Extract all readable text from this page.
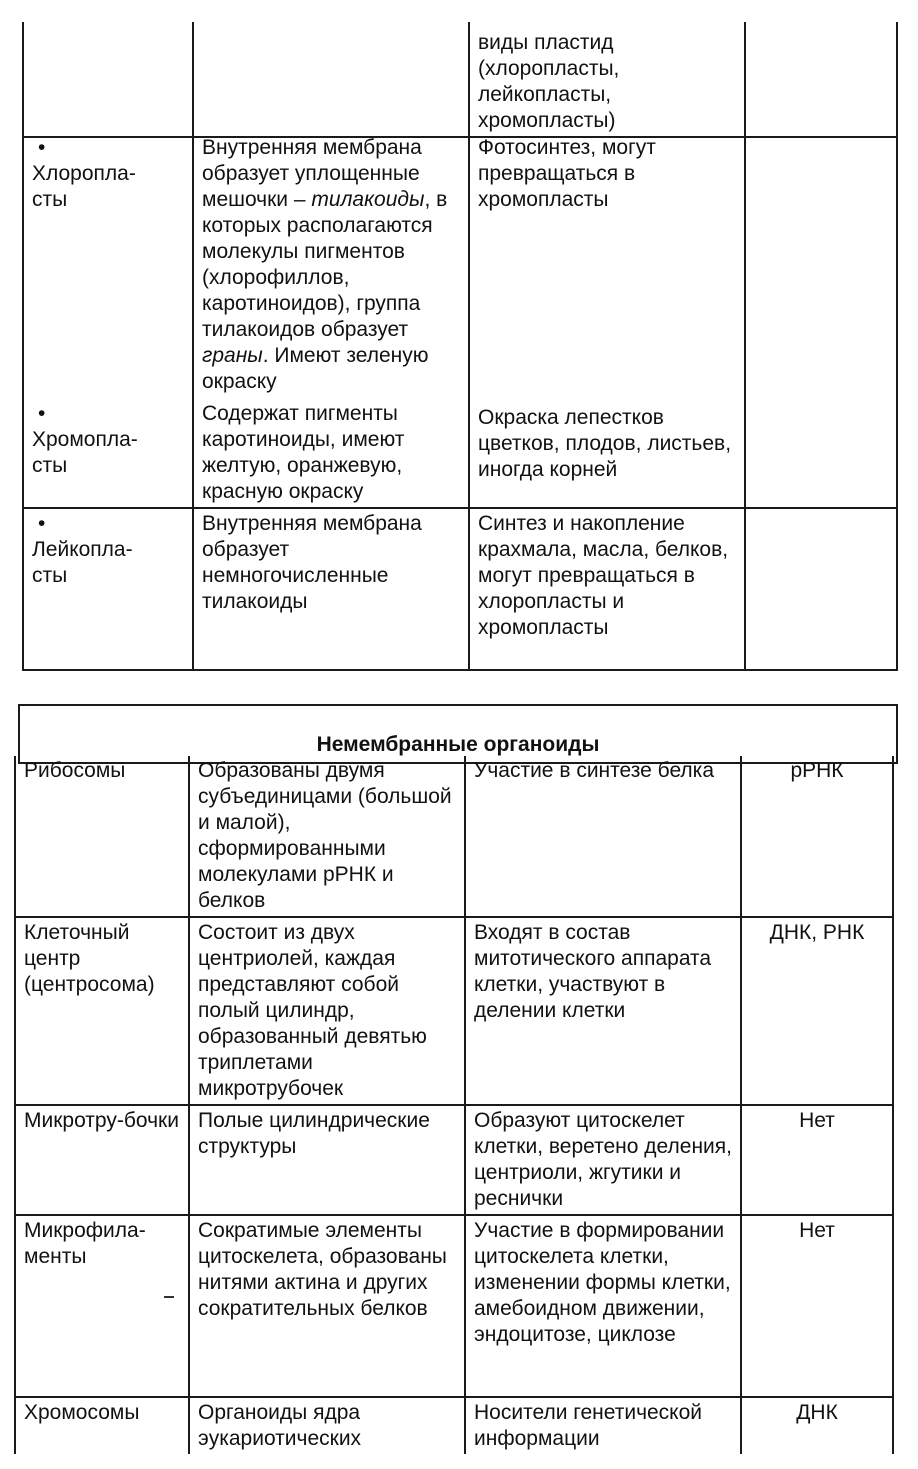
		виды пластид (хлоропласты, лейкопласты, хромопласты)	
•Хлоропла-
сты	Внутренняя мембрана образует уплощенные мешочки – тилакоиды, в которых располагаются молекулы пигментов (хлорофиллов, каротиноидов), группа тилакоидов образует граны. Имеют зеленую окраску	Фотосинтез, могут превращаться в хромопласты	
•Хромопла-
сты	Содержат пигменты каротиноиды, имеют желтую, оранжевую, красную окраску	Окраска лепестков цветков, плодов, листьев, иногда корней	
•Лейкопла-
сты	Внутренняя мембрана образует немногочисленные тилакоиды	Синтез и накопление крахмала, масла, белков, могут превращаться в хлоропласты и хромопласты	
Немембранные органоиды
Рибосомы	Образованы двумя субъединицами (большой и малой), сформированными молекулами рРНК и белков	Участие в синтезе белка	рРНК
Клеточный центр (центросома)	Состоит из двух центриолей, каждая представляют собой полый цилиндр, образованный девятью триплетами микротрубочек	Входят в состав митотического аппарата клетки, участвуют в делении клетки	ДНК, РНК
Микротру-бочки	Полые цилиндрические структуры	Образуют цитоскелет клетки, веретено деления, центриоли, жгутики и реснички	Нет
Микрофила-менты	Сократимые элементы цитоскелета, образованы нитями актина и других сократительных белков	Участие в формировании цитоскелета клетки, изменении формы клетки, амебоидном движении, эндоцитозе, циклозе	Нет
Хромосомы	Органоиды ядра эукариотических	Носители генетической информации	ДНК
